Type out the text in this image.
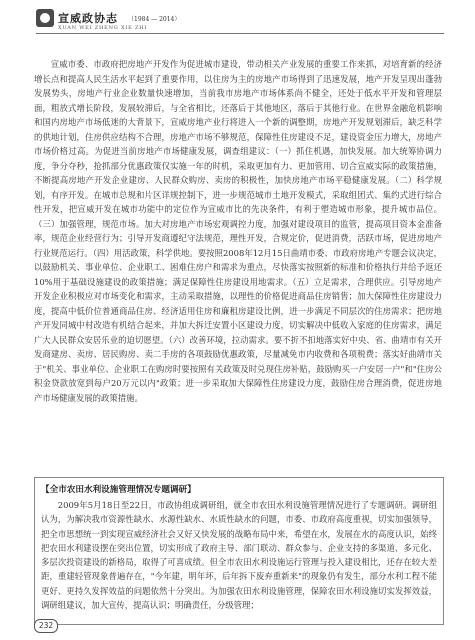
宣威政协志 （1984 — 2014）
XUAN WEI ZHENG XIE ZHI

宣威市委、市政府把房地产开发作为促进城市建设，带动相关产业发展的重要工作来抓，对培育新的经济增长点和提高人民生活水平起到了重要作用，以住房为主的房地产市场得到了迅速发展，地产开发呈现出蓬勃发展势头，房地产行业企业数量快速增加，当前我市房地产市场体系尚不健全，还处于低水平开发和管理层面，粗放式增长阶段，发展较滞后，与全省相比，还落后于其他地区，落后于其他行业。在世界金融危机影响和国内房地产市场低迷的大背景下，宣威房地产业行将进入一个新的调整期，房地产开发规划滞后，缺乏科学的供地计划，住房供应结构不合理，房地产市场不够规范，保障性住房建设不足，建设资金压力增大，房地产市场价格过高。为促进当前房地产市场健康发展，调查组建议：（一）抓住机遇，加快发展。加大统筹协调力度，争分夺秒，抢抓部分优惠政策仅实施一年的时机，采取更加有力、更加管用、切合宣威实际的政策措施，不断提高房地产开发企业建房、人民群众购房、卖房的积极性，加快房地产市场平稳健康发展。（二）科学规划，有序开发。在城市总规和片区详规控制下，进一步规范城市土地开发模式，采取组团式、集约式进行综合性开发，把宣威开发在城市功能中的定位作为宣威市比的先决条件，有利于塑造城市形象，提升城市品位。（三）加强管理，规范市场。加大对房地产市场宏观调控力度，加强对建设项目的监管，提高项目资本金准备率，规范企业经营行为；引导开发商遵纪守法规范，理性开发，合规定价，促进消费，活跃市场，促进房地产行业规范运行。（四）用活政策，科学供地。要按照2008年12月15日曲靖市委、市政府房地产专题会议决定，以鼓励机关、事业单位、企业职工、困难住房户和需求为重点，尽快落实按照新的标准和价格执行并给予返还10%用于基础设施建设的政策措施；满足保障性住房建设用地需求。（五）立足需求，合理供应。引导房地产开发企业积极应对市场变化和需求，主动采取措施，以理性的价格促进商品住房销售；加大保障性住房建设力度，提高中低价位普通商品住房、经济适用住房和廉租房建设比例，进一步满足不同层次的住房需求；把房地产开发同城中村改造有机结合起来，并加大拆迁安置小区建设力度，切实解决中低收入家庭的住房需求，满足广大人民群众安居乐业的迫切愿望。（六）改善环境，拉动需求。要不折不扣地落实好中央、省、曲靖市有关开发商建房、卖房、居民购房、卖二手房的各项鼓励优惠政策，尽量减免市内收费和各项税费；落实好曲靖市关于"机关、事业单位、企业职工在购房时要按照有关政策及时兑现住房补贴，鼓励购买一户安居一户"和"住房公积金贷款放宽到每户20万元以内"政策；进一步采取加大保障性住房建设力度，鼓励住房合理消费，促进房地产市场健康发展的政策措施。

【全市农田水利设施管理情况专题调研】

2009年5月18日至22日，市政协组成调研组，就全市农田水利设施管理情况进行了专题调研。调研组认为，为解决我市资源性缺水、水源性缺水、水质性缺水的问题，市委、市政府高度重视，切实加强领导，把全市思想统一到实现宣威经济社会又好又快发展的战略布局中来，希望在水，发展在水的高度认识，始终把农田水利建设摆在突出位置，切实形成了政府主导、部门联动、群众参与、企业支持的多渠道、多元化、多层次投资建设的新格局，取得了可喜成绩。但全市农田水利设施运行管理与投入建设相比，还存在较大差距，重建轻管现象普遍存在，"今年建，明年坏，后年拆下废弃重新来"的现象仍有发生，部分水利工程不能更好、更持久发挥效益的问题依然十分突出。为加强农田水利设施管理，保障农田水利设施切实发挥效益，调研组建议，加大宣传，提高认识；明确责任，分级管理；

232
